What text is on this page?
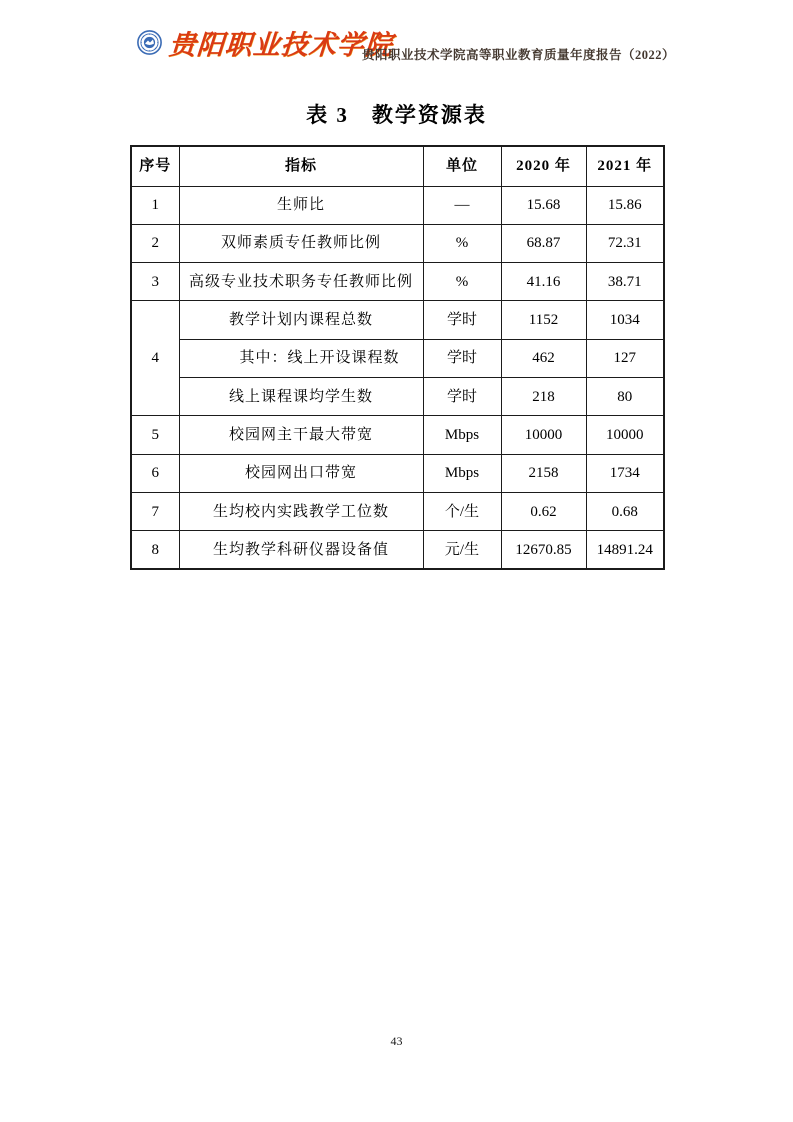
贵阳职业技术学院
贵阳职业技术学院高等职业教育质量年度报告（2022）
表 3　教学资源表
序号	指标	单位	2020 年	2021 年
1	生师比	—	15.68	15.86
2	双师素质专任教师比例	%	68.87	72.31
3	高级专业技术职务专任教师比例	%	41.16	38.71
4	教学计划内课程总数	学时	1152	1034
	其中：线上开设课程数	学时	462	127
	线上课程课均学生数	学时	218	80
5	校园网主干最大带宽	Mbps	10000	10000
6	校园网出口带宽	Mbps	2158	1734
7	生均校内实践教学工位数	个/生	0.62	0.68
8	生均教学科研仪器设备值	元/生	12670.85	14891.24
43
